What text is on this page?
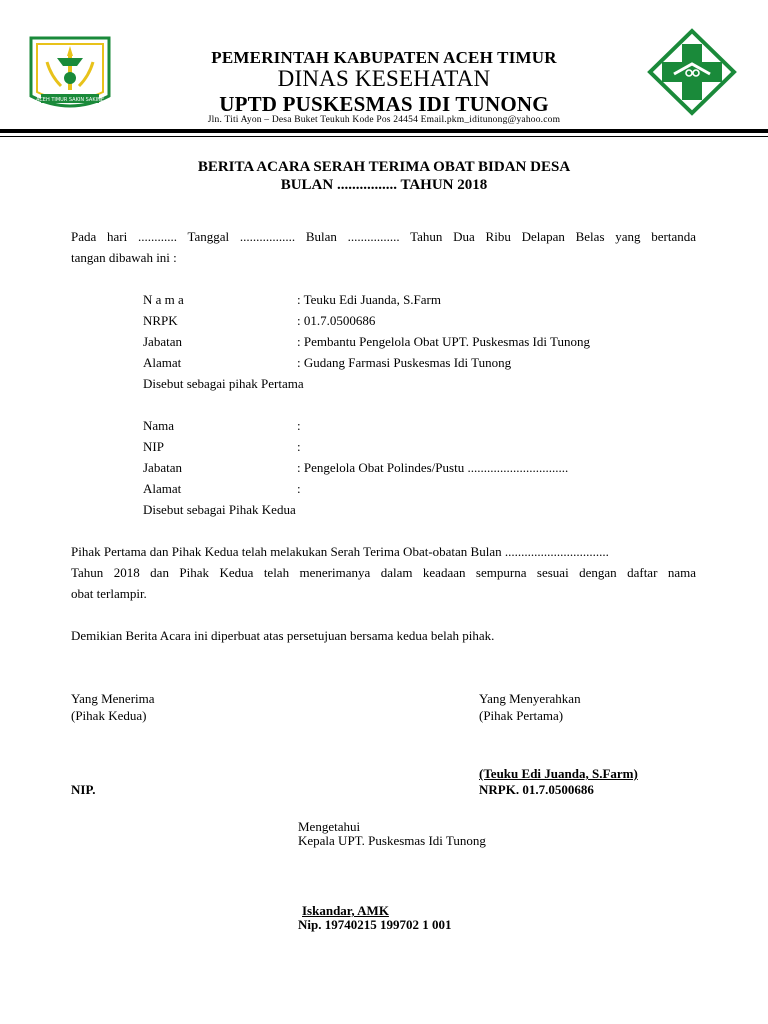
ACEH TIMUR SAKIN SAKINE
PEMERINTAH KABUPATEN ACEH TIMUR
DINAS KESEHATAN
UPTD PUSKESMAS IDI TUNONG
Jln. Titi Ayon – Desa Buket Teukuh Kode Pos 24454 Email.pkm_iditunong@yahoo.com
BERITA ACARA SERAH TERIMA OBAT BIDAN DESA
BULAN ................ TAHUN 2018
Pada hari ............ Tanggal ................. Bulan ................ Tahun Dua Ribu Delapan Belas yang bertanda
tangan dibawah ini :
N a m a	: Teuku Edi Juanda, S.Farm
NRPK	: 01.7.0500686
Jabatan	: Pembantu Pengelola Obat UPT. Puskesmas Idi Tunong
Alamat	: Gudang Farmasi Puskesmas Idi Tunong
Disebut sebagai pihak Pertama
Nama	:
NIP	:
Jabatan	: Pengelola Obat Polindes/Pustu ...............................
Alamat	:
Disebut sebagai Pihak Kedua
Pihak Pertama dan Pihak Kedua telah melakukan Serah Terima Obat-obatan Bulan ................................
Tahun 2018 dan Pihak Kedua telah menerimanya dalam keadaan sempurna sesuai dengan daftar nama
obat terlampir.
Demikian Berita Acara ini diperbuat atas persetujuan bersama kedua belah pihak.
Yang Menerima
(Pihak Kedua)
NIP.
Yang Menyerahkan
(Pihak Pertama)
(Teuku Edi Juanda, S.Farm)
NRPK. 01.7.0500686
Mengetahui
Kepala UPT. Puskesmas Idi Tunong
Iskandar, AMK
Nip. 19740215 199702 1 001
